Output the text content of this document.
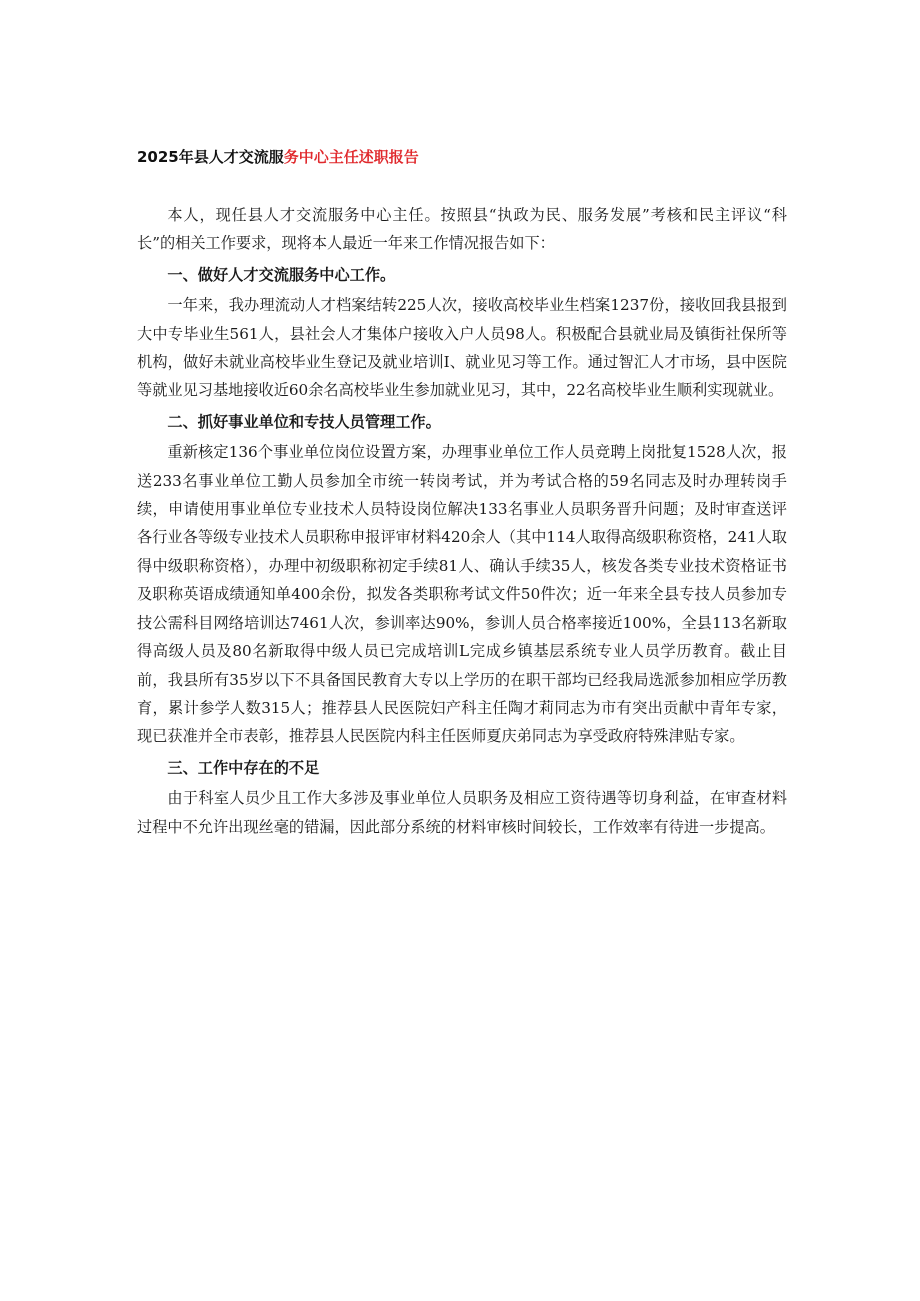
2025年县人才交流服务中心主任述职报告

本人，现任县人才交流服务中心主任。按照县“执政为民、服务发展”考核和民主评议“科长”的相关工作要求，现将本人最近一年来工作情况报告如下：

一、做好人才交流服务中心工作。

一年来，我办理流动人才档案结转225人次，接收高校毕业生档案1237份，接收回我县报到大中专毕业生561人，县社会人才集体户接收入户人员98人。积极配合县就业局及镇街社保所等机构，做好未就业高校毕业生登记及就业培训I、就业见习等工作。通过智汇人才市场，县中医院等就业见习基地接收近60余名高校毕业生参加就业见习，其中，22名高校毕业生顺利实现就业。

二、抓好事业单位和专技人员管理工作。

重新核定136个事业单位岗位设置方案，办理事业单位工作人员竞聘上岗批复1528人次，报送233名事业单位工勤人员参加全市统一转岗考试，并为考试合格的59名同志及时办理转岗手续，申请使用事业单位专业技术人员特设岗位解决133名事业人员职务晋升问题；及时审查送评各行业各等级专业技术人员职称申报评审材料420余人（其中114人取得高级职称资格，241人取得中级职称资格），办理中初级职称初定手续81人、确认手续35人，核发各类专业技术资格证书及职称英语成绩通知单400余份，拟发各类职称考试文件50件次；近一年来全县专技人员参加专技公需科目网络培训达7461人次，参训率达90%，参训人员合格率接近100%，全县113名新取得高级人员及80名新取得中级人员已完成培训L完成乡镇基层系统专业人员学历教育。截止目前，我县所有35岁以下不具备国民教育大专以上学历的在职干部均已经我局选派参加相应学历教育，累计参学人数315人；推荐县人民医院妇产科主任陶才莉同志为市有突出贡献中青年专家，现已获准并全市表彰，推荐县人民医院内科主任医师夏庆弟同志为享受政府特殊津贴专家。

三、工作中存在的不足

由于科室人员少且工作大多涉及事业单位人员职务及相应工资待遇等切身利益，在审查材料过程中不允许出现丝毫的错漏，因此部分系统的材料审核时间较长，工作效率有待进一步提高。
